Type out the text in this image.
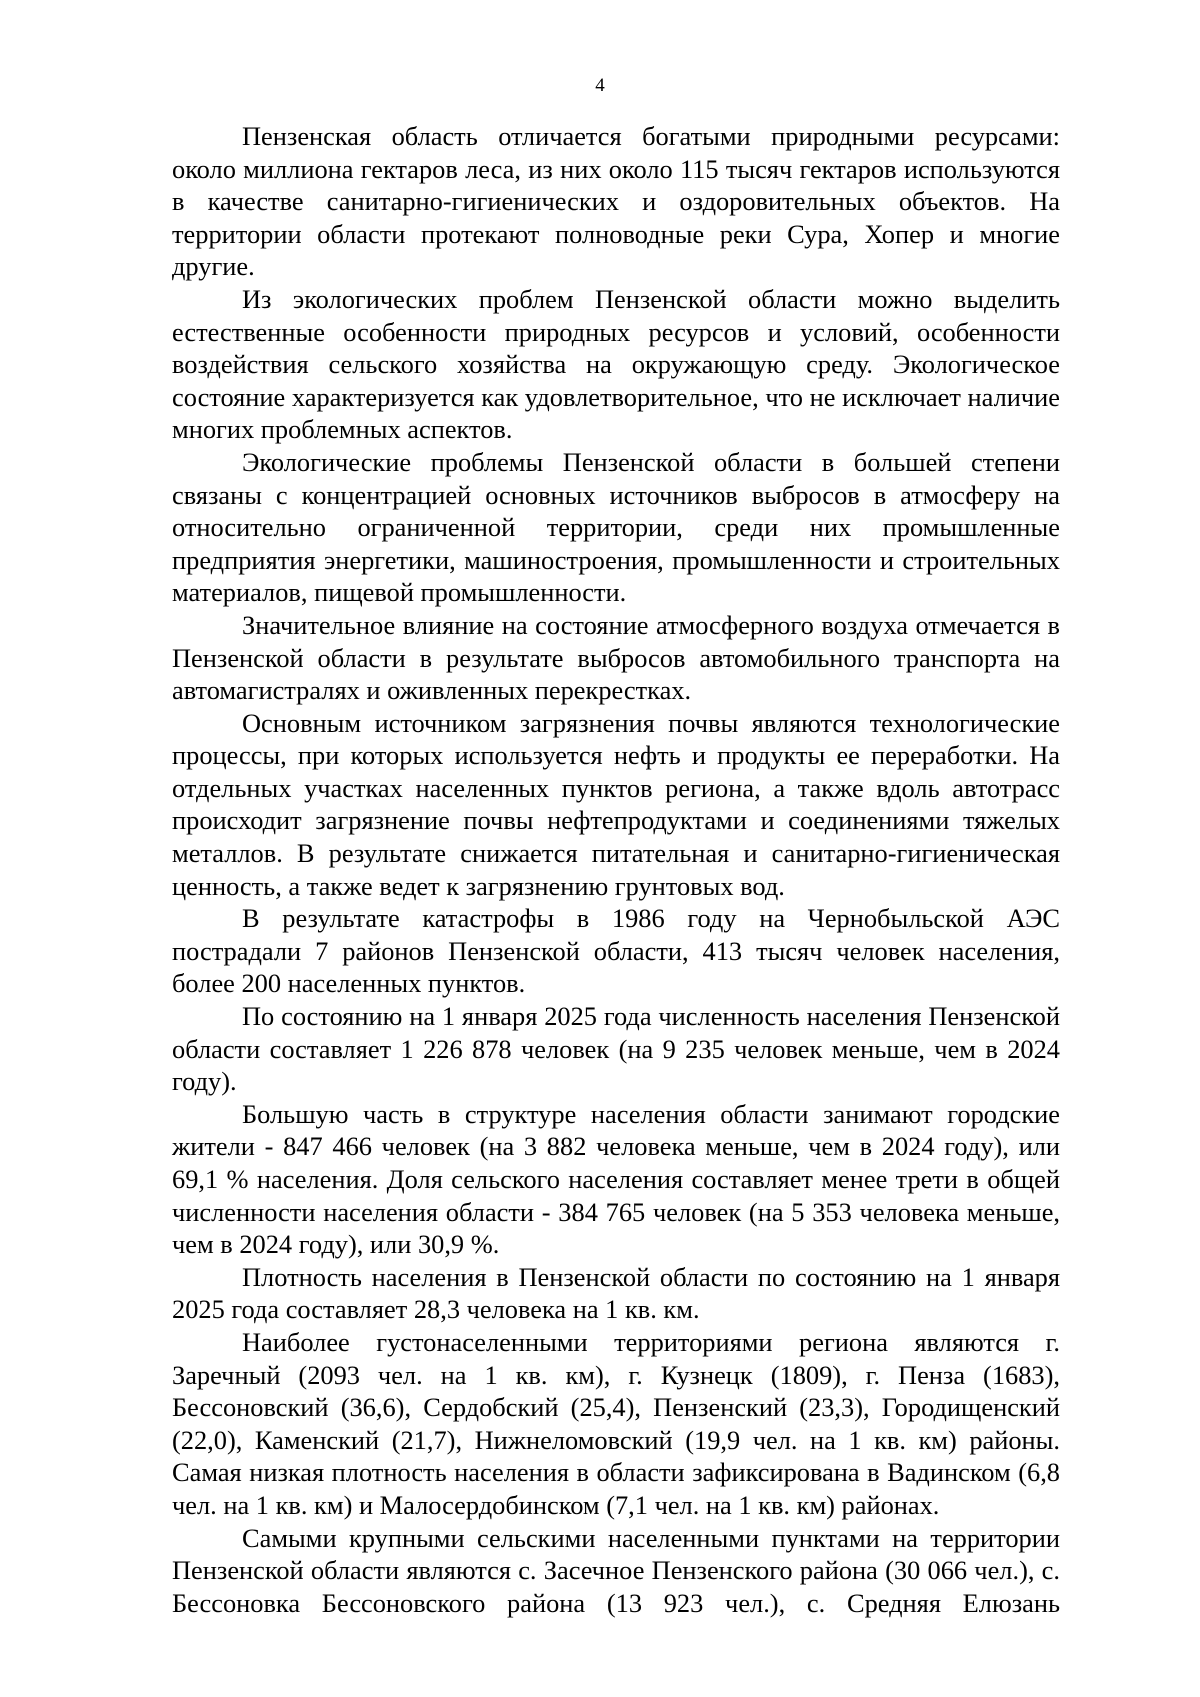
4

Пензенская область отличается богатыми природными ресурсами: около миллиона гектаров леса, из них около 115 тысяч гектаров используются в качестве санитарно-гигиенических и оздоровительных объектов. На территории области протекают полноводные реки Сура, Хопер и многие другие.

Из экологических проблем Пензенской области можно выделить естественные особенности природных ресурсов и условий, особенности воздействия сельского хозяйства на окружающую среду. Экологическое состояние характеризуется как удовлетворительное, что не исключает наличие многих проблемных аспектов.

Экологические проблемы Пензенской области в большей степени связаны с концентрацией основных источников выбросов в атмосферу на относительно ограниченной территории, среди них промышленные предприятия энергетики, машиностроения, промышленности и строительных материалов, пищевой промышленности.

Значительное влияние на состояние атмосферного воздуха отмечается в Пензенской области в результате выбросов автомобильного транспорта на автомагистралях и оживленных перекрестках.

Основным источником загрязнения почвы являются технологические процессы, при которых используется нефть и продукты ее переработки. На отдельных участках населенных пунктов региона, а также вдоль автотрасс происходит загрязнение почвы нефтепродуктами и соединениями тяжелых металлов. В результате снижается питательная и санитарно-гигиеническая ценность, а также ведет к загрязнению грунтовых вод.

В результате катастрофы в 1986 году на Чернобыльской АЭС пострадали 7 районов Пензенской области, 413 тысяч человек населения, более 200 населенных пунктов.

По состоянию на 1 января 2025 года численность населения Пензенской области составляет 1 226 878 человек (на 9 235 человек меньше, чем в 2024 году).

Большую часть в структуре населения области занимают городские жители - 847 466 человек (на 3 882 человека меньше, чем в 2024 году), или 69,1 % населения. Доля сельского населения составляет менее трети в общей численности населения области - 384 765 человек (на 5 353 человека меньше, чем в 2024 году), или 30,9 %.

Плотность населения в Пензенской области по состоянию на 1 января 2025 года составляет 28,3 человека на 1 кв. км.

Наиболее густонаселенными территориями региона являются г. Заречный (2093 чел. на 1 кв. км), г. Кузнецк (1809), г. Пенза (1683), Бессоновский (36,6), Сердобский (25,4), Пензенский (23,3), Городищенский (22,0), Каменский (21,7), Нижнеломовский (19,9 чел. на 1 кв. км) районы. Самая низкая плотность населения в области зафиксирована в Вадинском (6,8 чел. на 1 кв. км) и Малосердобинском (7,1 чел. на 1 кв. км) районах.

Самыми крупными сельскими населенными пунктами на территории Пензенской области являются с. Засечное Пензенского района (30 066 чел.), с. Бессоновка Бессоновского района (13 923 чел.), с. Средняя Елюзань
